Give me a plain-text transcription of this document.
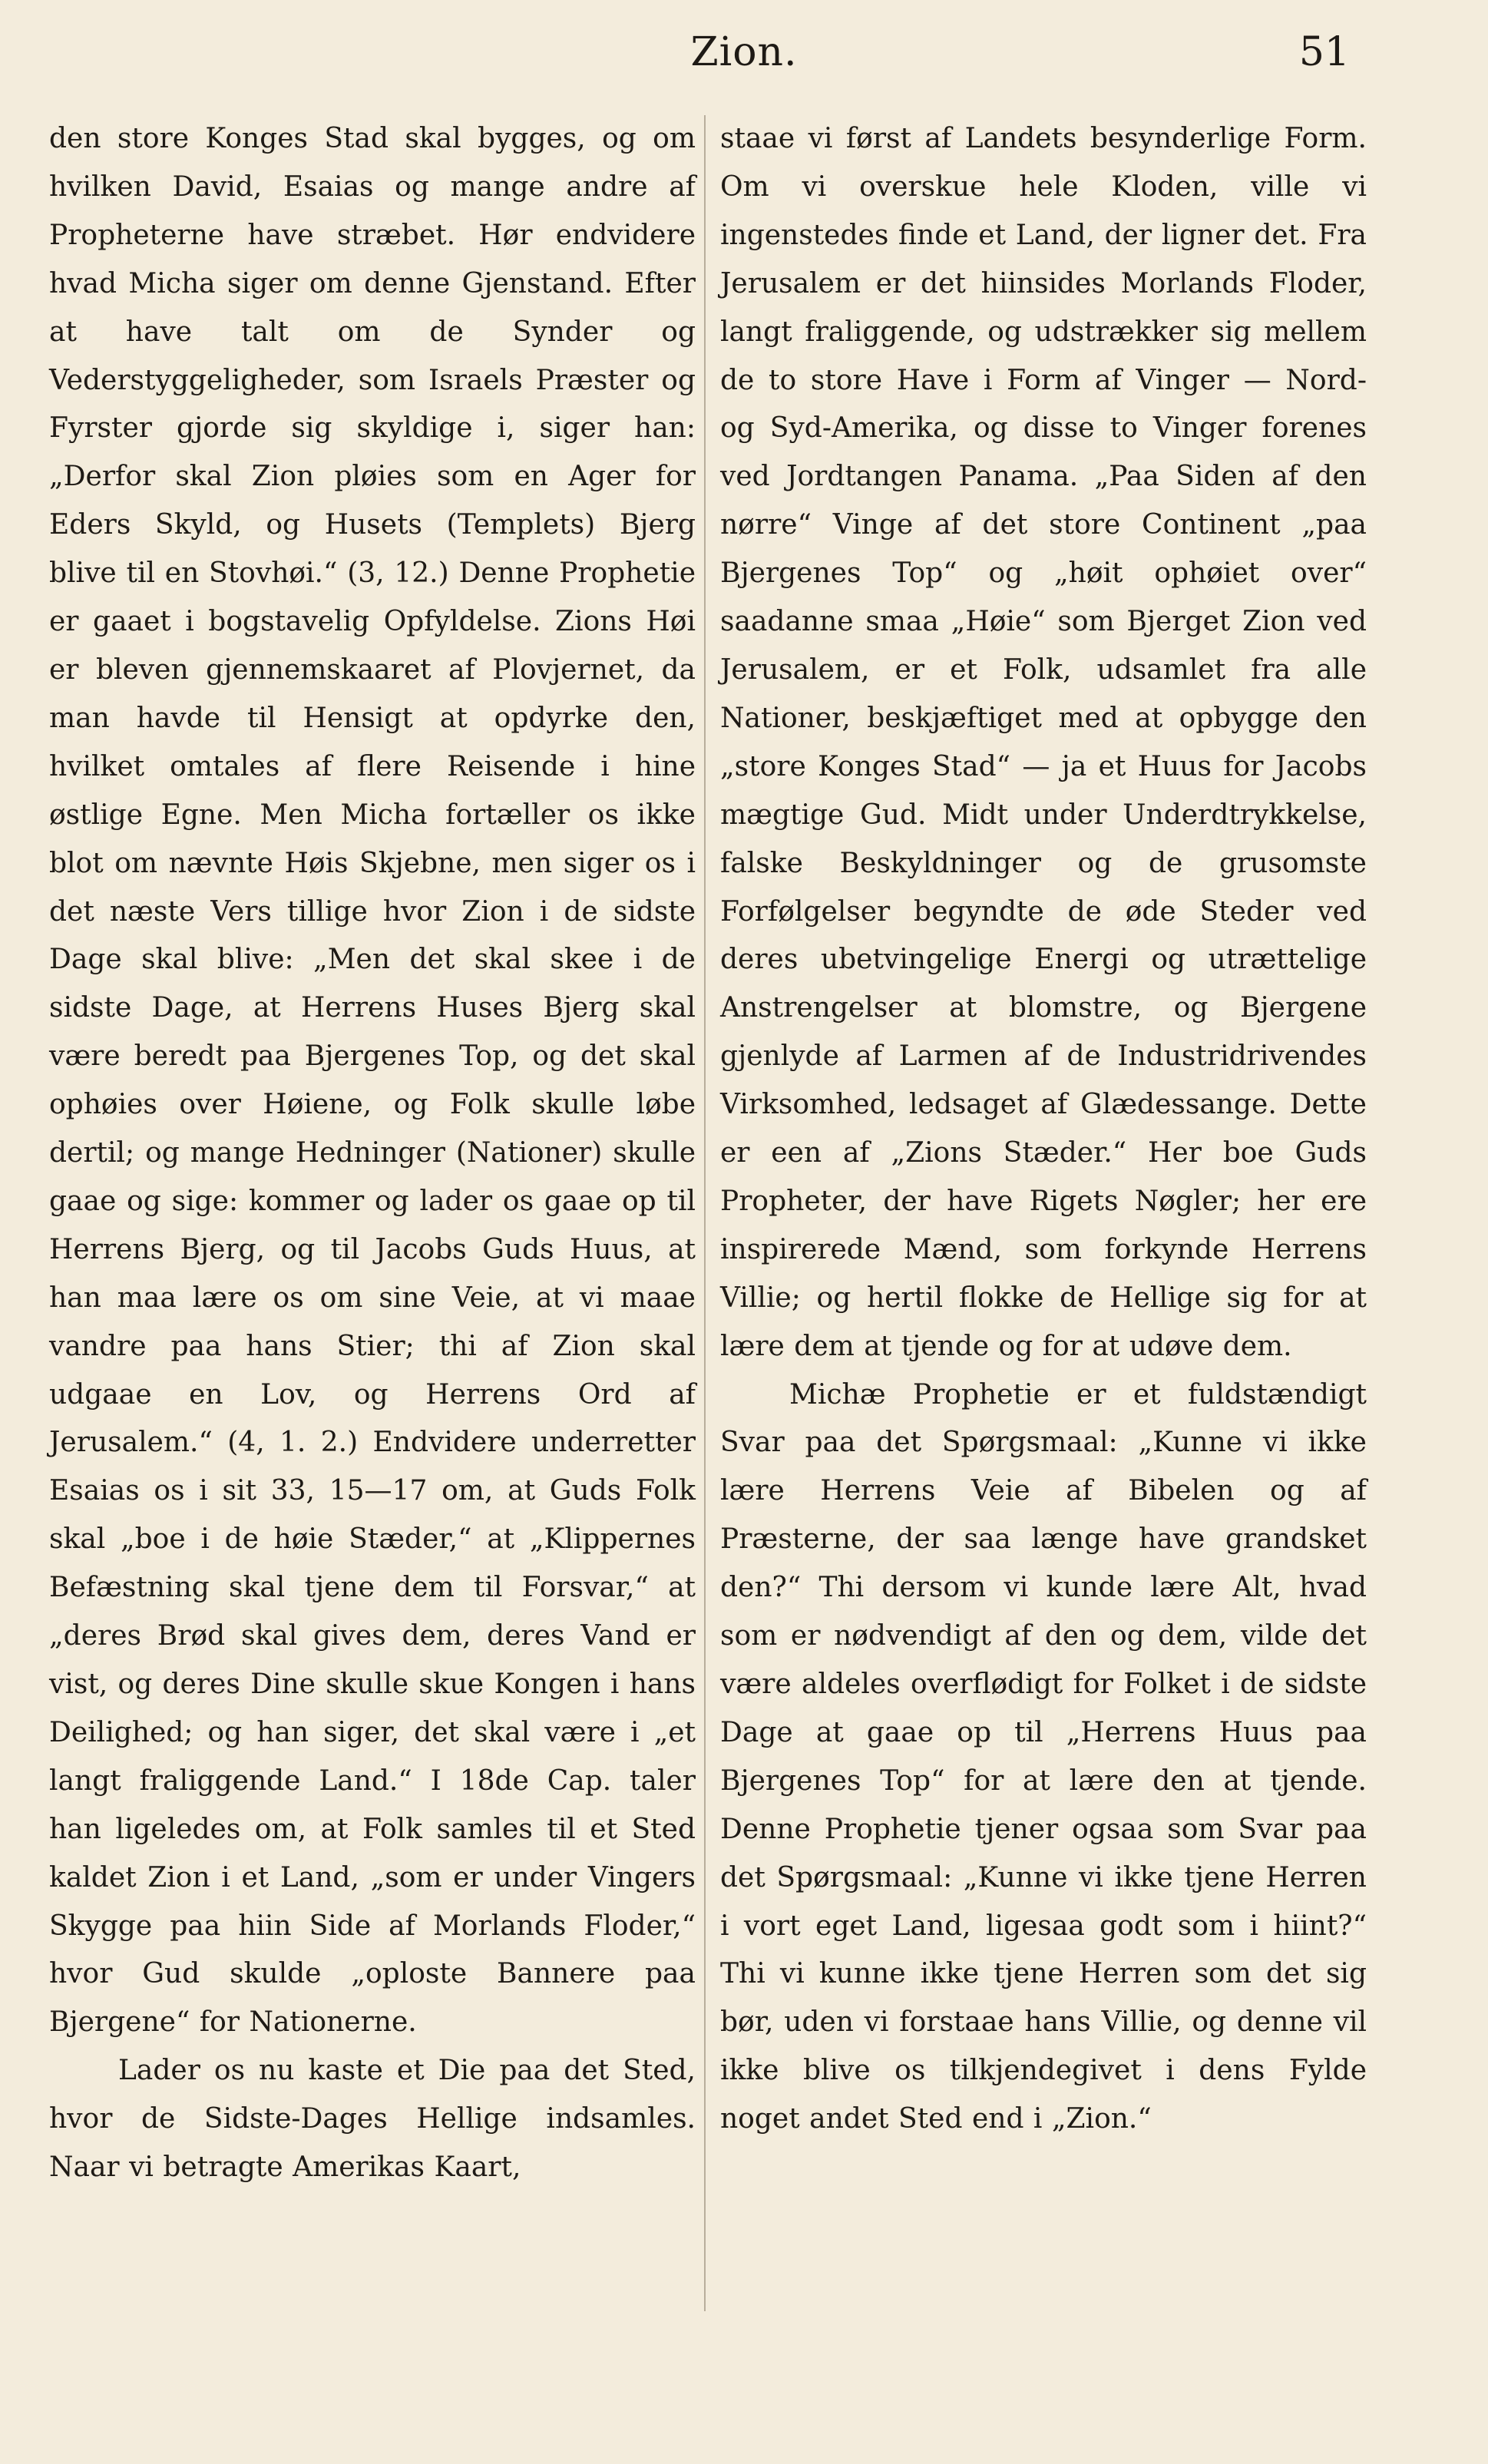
Zion.	51

den store Konges Stad skal bygges, og om hvilken David, Esaias og mange andre af Propheterne have stræbet. Hør endvidere hvad Micha siger om denne Gjenstand. Efter at have talt om de Synder og Vederstyggeligheder, som Israels Præster og Fyrster gjorde sig skyldige i, siger han: „Derfor skal Zion pløies som en Ager for Eders Skyld, og Husets (Templets) Bjerg blive til en Stovhøi.“ (3, 12.) Denne Prophetie er gaaet i bogstavelig Opfyldelse. Zions Høi er bleven gjennemskaaret af Plovjernet, da man havde til Hensigt at opdyrke den, hvilket omtales af flere Reisende i hine østlige Egne. Men Micha fortæller os ikke blot om nævnte Høis Skjebne, men siger os i det næste Vers tillige hvor Zion i de sidste Dage skal blive: „Men det skal skee i de sidste Dage, at Herrens Huses Bjerg skal være beredt paa Bjergenes Top, og det skal ophøies over Høiene, og Folk skulle løbe dertil; og mange Hedninger (Nationer) skulle gaae og sige: kommer og lader os gaae op til Herrens Bjerg, og til Jacobs Guds Huus, at han maa lære os om sine Veie, at vi maae vandre paa hans Stier; thi af Zion skal udgaae en Lov, og Herrens Ord af Jerusalem.“ (4, 1. 2.) Endvidere underretter Esaias os i sit 33, 15—17 om, at Guds Folk skal „boe i de høie Stæder,“ at „Klippernes Befæstning skal tjene dem til Forsvar,“ at „deres Brød skal gives dem, deres Vand er vist, og deres Dine skulle skue Kongen i hans Deilighed; og han siger, det skal være i „et langt fraliggende Land.“ I 18de Cap. taler han ligeledes om, at Folk samles til et Sted kaldet Zion i et Land, „som er under Vingers Skygge paa hiin Side af Morlands Floder,“ hvor Gud skulde „oploste Bannere paa Bjergene“ for Nationerne.

Lader os nu kaste et Die paa det Sted, hvor de Sidste-Dages Hellige indsamles. Naar vi betragte Amerikas Kaart,

staae vi først af Landets besynderlige Form. Om vi overskue hele Kloden, ville vi ingenstedes finde et Land, der ligner det. Fra Jerusalem er det hiinsides Morlands Floder, langt fraliggende, og udstrækker sig mellem de to store Have i Form af Vinger — Nord- og Syd-Amerika, og disse to Vinger forenes ved Jordtangen Panama. „Paa Siden af den nørre“ Vinge af det store Continent „paa Bjergenes Top“ og „høit ophøiet over“ saadanne smaa „Høie“ som Bjerget Zion ved Jerusalem, er et Folk, udsamlet fra alle Nationer, beskjæftiget med at opbygge den „store Konges Stad“ — ja et Huus for Jacobs mægtige Gud. Midt under Underdtrykkelse, falske Beskyldninger og de grusomste Forfølgelser begyndte de øde Steder ved deres ubetvingelige Energi og utrættelige Anstrengelser at blomstre, og Bjergene gjenlyde af Larmen af de Industridrivendes Virksomhed, ledsaget af Glædessange. Dette er een af „Zions Stæder.“ Her boe Guds Propheter, der have Rigets Nøgler; her ere inspirerede Mænd, som forkynde Herrens Villie; og hertil flokke de Hellige sig for at lære dem at tjende og for at udøve dem.

Michæ Prophetie er et fuldstændigt Svar paa det Spørgsmaal: „Kunne vi ikke lære Herrens Veie af Bibelen og af Præsterne, der saa længe have grandsket den?“ Thi dersom vi kunde lære Alt, hvad som er nødvendigt af den og dem, vilde det være aldeles overflødigt for Folket i de sidste Dage at gaae op til „Herrens Huus paa Bjergenes Top“ for at lære den at tjende. Denne Prophetie tjener ogsaa som Svar paa det Spørgsmaal: „Kunne vi ikke tjene Herren i vort eget Land, ligesaa godt som i hiint?“ Thi vi kunne ikke tjene Herren som det sig bør, uden vi forstaae hans Villie, og denne vil ikke blive os tilkjendegivet i dens Fylde noget andet Sted end i „Zion.“
